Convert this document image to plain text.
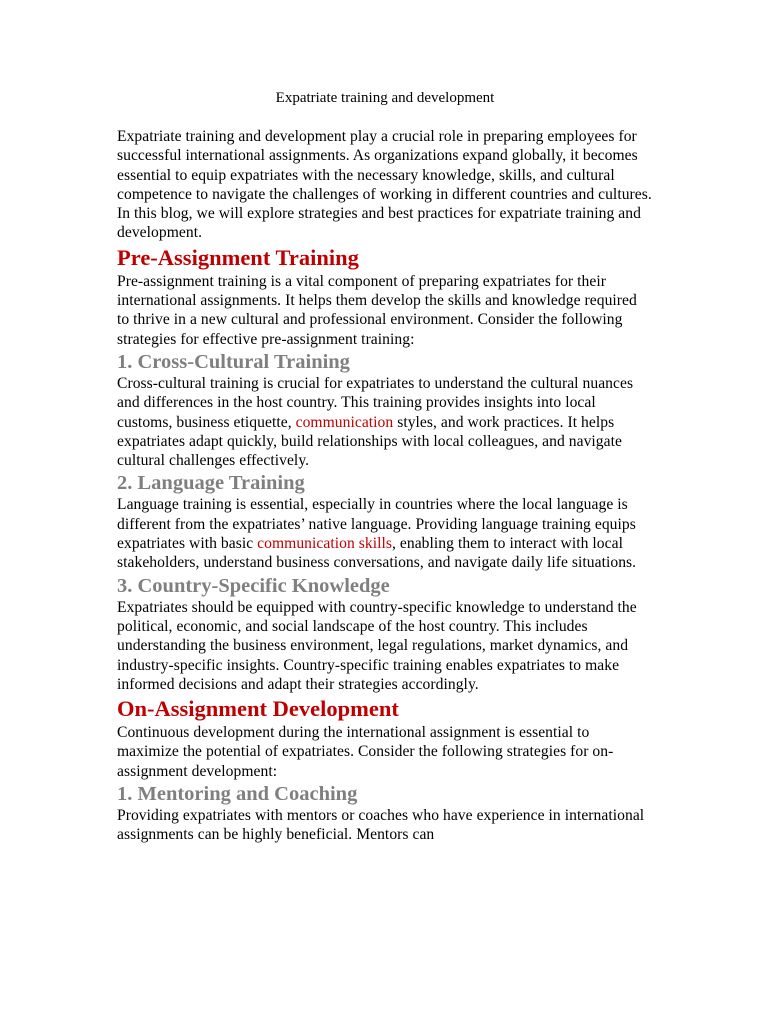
Expatriate training and development

Expatriate training and development play a crucial role in preparing employees for successful international assignments. As organizations expand globally, it becomes essential to equip expatriates with the necessary knowledge, skills, and cultural competence to navigate the challenges of working in different countries and cultures. In this blog, we will explore strategies and best practices for expatriate training and development.

Pre-Assignment Training

Pre-assignment training is a vital component of preparing expatriates for their international assignments. It helps them develop the skills and knowledge required to thrive in a new cultural and professional environment. Consider the following strategies for effective pre-assignment training:

1. Cross-Cultural Training

Cross-cultural training is crucial for expatriates to understand the cultural nuances and differences in the host country. This training provides insights into local customs, business etiquette, communication styles, and work practices. It helps expatriates adapt quickly, build relationships with local colleagues, and navigate cultural challenges effectively.

2. Language Training

Language training is essential, especially in countries where the local language is different from the expatriates’ native language. Providing language training equips expatriates with basic communication skills, enabling them to interact with local stakeholders, understand business conversations, and navigate daily life situations.

3. Country-Specific Knowledge

Expatriates should be equipped with country-specific knowledge to understand the political, economic, and social landscape of the host country. This includes understanding the business environment, legal regulations, market dynamics, and industry-specific insights. Country-specific training enables expatriates to make informed decisions and adapt their strategies accordingly.

On-Assignment Development

Continuous development during the international assignment is essential to maximize the potential of expatriates. Consider the following strategies for on-assignment development:

1. Mentoring and Coaching

Providing expatriates with mentors or coaches who have experience in international assignments can be highly beneficial. Mentors can
